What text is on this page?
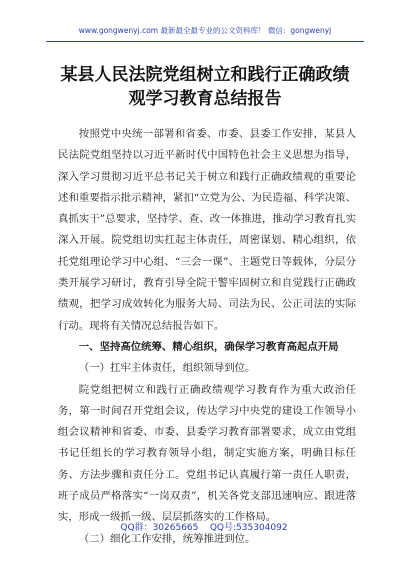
www.gongwenyj.com 最新最全最专业的公文资料库！ 微信：gongwenyj
某县人民法院党组树立和践行正确政绩
观学习教育总结报告

按照党中央统一部署和省委、市委、县委工作安排，某县人民法院党组坚持以习近平新时代中国特色社会主义思想为指导，深入学习贯彻习近平总书记关于树立和践行正确政绩观的重要论述和重要指示批示精神，紧扣“立党为公、为民造福、科学决策、真抓实干”总要求，坚持学、查、改一体推进，推动学习教育扎实深入开展。院党组切实扛起主体责任，周密谋划、精心组织，依托党组理论学习中心组、“三会一课”、主题党日等载体，分层分类开展学习研讨，教育引导全院干警牢固树立和自觉践行正确政绩观，把学习成效转化为服务大局、司法为民、公正司法的实际行动。现将有关情况总结报告如下。

一、坚持高位统筹、精心组织，确保学习教育高起点开局

（一）扛牢主体责任，组织领导到位。

院党组把树立和践行正确政绩观学习教育作为重大政治任务，第一时间召开党组会议，传达学习中央党的建设工作领导小组会议精神和省委、市委、县委学习教育部署要求，成立由党组书记任组长的学习教育领导小组，制定实施方案，明确目标任务、方法步骤和责任分工。党组书记认真履行第一责任人职责，班子成员严格落实“一岗双责”，机关各党支部迅速响应、跟进落实，形成一级抓一级、层层抓落实的工作格局。

（二）细化工作安排，统筹推进到位。

QQ群：30265665 QQ号:535304092
